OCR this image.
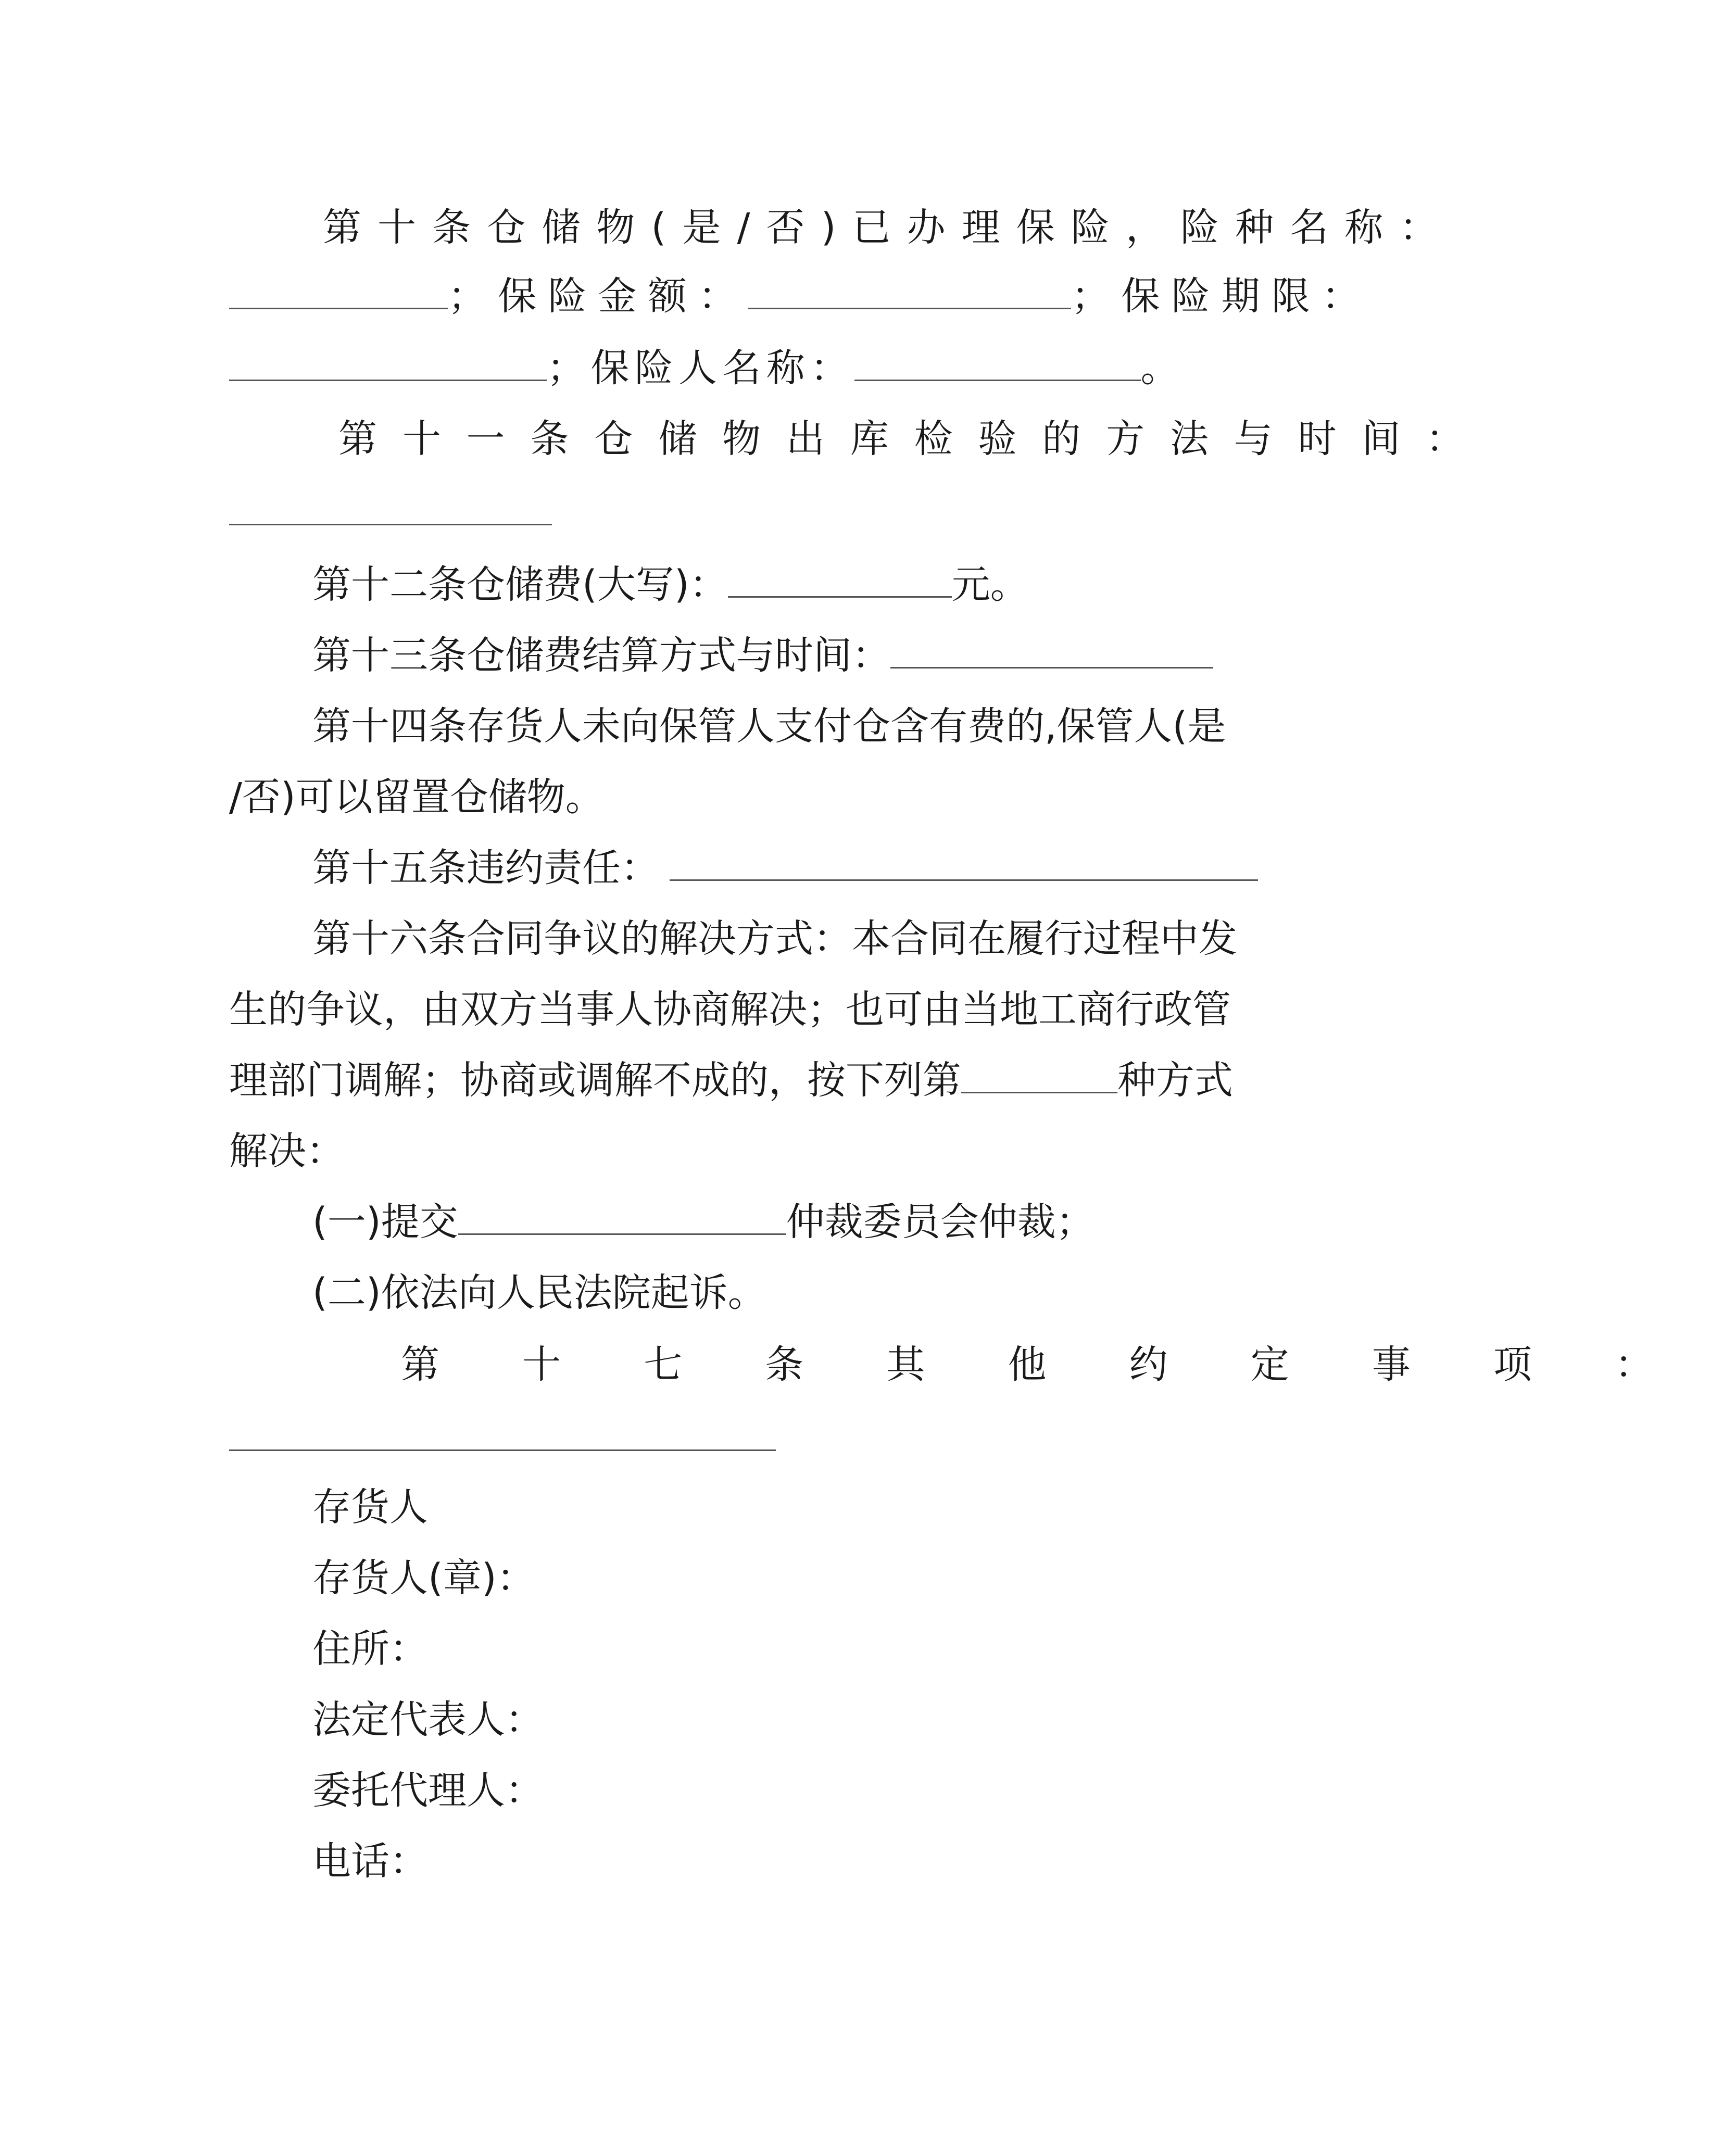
第十条仓储物(是/否)已办理保险，险种名称：
；保险金额：	；保险期限：
；保险人名称：	。
第十一条仓储物出库检验的方法与时间：
第十二条仓储费(大写)：	元。
第十三条仓储费结算方式与时间：
第十四条存货人未向保管人支付仓含有费的,保管人(是
/否)可以留置仓储物。
第十五条违约责任：
第十六条合同争议的解决方式：本合同在履行过程中发
生的争议，由双方当事人协商解决；也可由当地工商行政管
理部门调解；协商或调解不成的，按下列第	种方式
解决：
(一)提交	仲裁委员会仲裁；
(二)依法向人民法院起诉。
第十七条其他约定事项：
存货人
存货人(章)：
住所：
法定代表人：
委托代理人：
电话：
